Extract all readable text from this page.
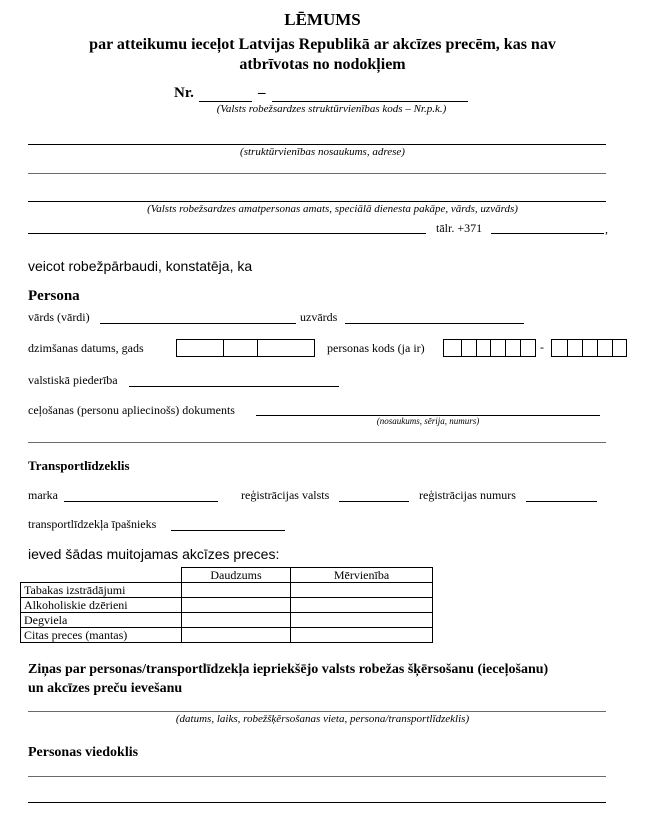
LĒMUMS
par atteikumu ieceļot Latvijas Republikā ar akcīzes precēm, kas nav
atbrīvotas no nodokļiem
Nr.	–
(Valsts robežsardzes struktūrvienības kods – Nr.p.k.)
(struktūrvienības nosaukums, adrese)
(Valsts robežsardzes amatpersonas amats, speciālā dienesta pakāpe, vārds, uzvārds)
tālr. +371	,
veicot robežpārbaudi, konstatēja, ka
Persona
vārds (vārdi)	uzvārds
dzimšanas datums, gads	personas kods (ja ir)	-
valstiskā piederība
ceļošanas (personu apliecinošs) dokuments
(nosaukums, sērija, numurs)
Transportlīdzeklis
marka	reģistrācijas valsts	reģistrācijas numurs
transportlīdzekļa īpašnieks
ieved šādas muitojamas akcīzes preces:
	Daudzums	Mērvienība
Tabakas izstrādājumi		
Alkoholiskie dzērieni		
Degviela		
Citas preces (mantas)		
Ziņas par personas/transportlīdzekļa iepriekšējo valsts robežas šķērsošanu (ieceļošanu)
un akcīzes preču ievešanu
(datums, laiks, robežšķērsošanas vieta, persona/transportlīdzeklis)
Personas viedoklis
